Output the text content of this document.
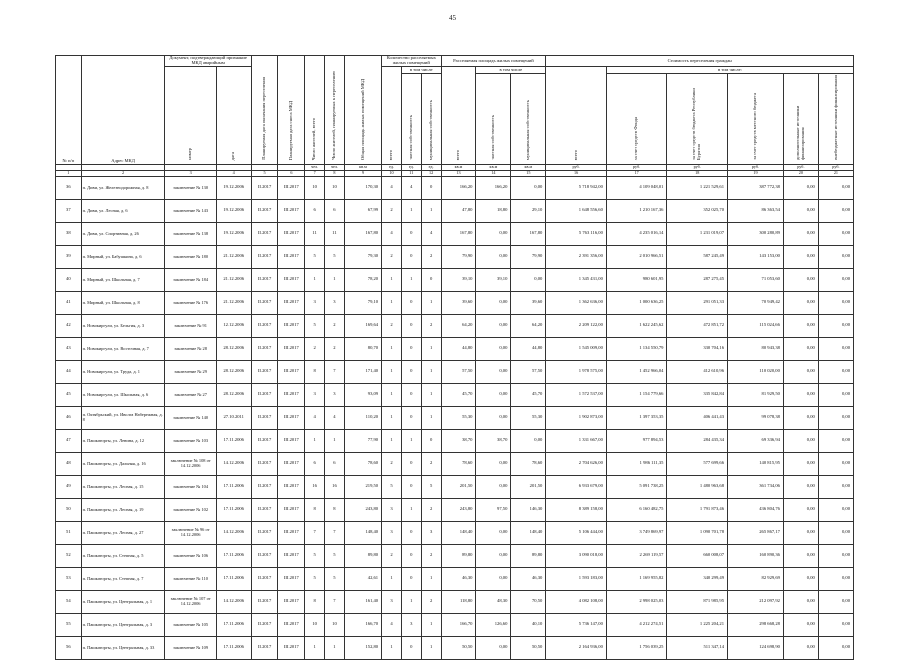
45
№ п/п	Адрес МКД	Документ, подтверждающий признание МКД аварийным		Планируемая дата окончания переселения	Планируемая дата сноса МКД	Число жителей, всего	Число жителей, планируемых к переселению	Общая площадь жилых помещений МКД	Количество расселяемых жилых помещений			Расселяемая площадь жилых помещений			Стоимость переселения граждан					
		номер	дата						всего	в том числе		всего	в том числе		всего	в том числе:				
										частная собственность	муниципальная собственность		частная собственность	муниципальная собственность		за счет средств Фонда	за счет средств бюджета Республики Бурятия	за счет средств местного бюджета	дополнительные источники финансирования	внебюджетные источники финансирования
						чел.	чел.	кв.м	ед.	ед.	ед.	кв.м	кв.м	кв.м	руб.	руб.	руб.	руб.	руб.	руб.
1	2	3	4	5	6	7	8	9	10	11	12	13	14	15	16	17	18	19	20	21
36	п. Диви, ул. Железнодорожная, д. 8	заключение № 130	19.12.2006	II.2017	III.2017	10	10	170,30	4	4	0	166,20	166,20	0,00	5 718 942,00	4 109 048,01	1 221 529,61	387 772,38	0,00	0,00
37	п. Диви, ул. Лесная, д. 6	заключение № 143	19.12.2006	II.2017	III.2017	6	6	67,99	2	1	1	47,80	18,80	29,10	1 648 556,60	1 210 167,36	352 025,70	86 363,54	0,00	0,00
38	п. Диви, ул. Спортивная, д. 26	заключение № 138	19.12.2006	II.2017	III.2017	11	11	167,80	4	0	4	167,80	0,00	167,80	5 763 116,00	4 235 016,14	1 231 019,07	300 280,89	0,00	0,00
39	п. Мирный, ул. Бабушкина, д. 6	заключение № 180	21.12.2006	II.2017	III.2017	5	5	79,30	2	0	2	79,90	0,00	79,90	2 391 356,00	2 010 966,51	587 245,49	143 153,00	0,00	0,00
40	п. Мирный, ул. Школьная, д. 7	заключение № 184	21.12.2006	II.2017	III.2017	1	1	78,20	1	1	0	39,10	39,10	0,00	1 345 431,00	980 601,95	287 275,45	71 053,60	0,00	0,00
41	п. Мирный, ул. Школьная, д. 8	заключение № 176	21.12.2006	II.2017	III.2017	3	3	79,10	1	0	1	39,60	0,00	39,60	1 362 636,00	1 000 636,25	291 051,33	70 949,42	0,00	0,00
42	п. Новокиргули, ул. Бельгия, д. 3	заключение № 91	12.12.2006	II.2017	III.2017	5	2	169,64	2	0	2	64,20	0,00	64,20	2 209 122,00	1 622 245,62	472 851,72	115 024,66	0,00	0,00
43	п. Новокиргули, ул. Восточная, д. 7	заключение № 28	28.12.2006	II.2017	III.2017	2	2	80,70	1	0	1	44,80	0,00	44,80	1 545 009,00	1 134 550,79	330 704,16	80 943,38	0,00	0,00
44	п. Новокиргули, ул. Труда, д. 1	заключение № 29	28.12.2006	II.2017	III.2017	8	7	171,40	1	0	1	57,50	0,00	57,50	1 978 575,00	1 452 966,04	412 610,96	110 020,00	0,00	0,00
45	п. Новокиргули, ул. Школьная, д. 6	заключение № 27	28.12.2006	II.2017	III.2017	3	3	93,09	1	0	1	45,70	0,00	45,70	1 572 537,00	1 154 779,66	335 842,84	81 929,50	0,00	0,00
46	п. Октябрьский, ул. Иволга Набережная, д. 8	заключение № 140	27.10.2011	II.2017	III.2017	4	4	110,20	1	0	1	55,30	0,00	55,30	1 902 873,00	1 397 353,35	406 441,43	99 078,38	0,00	0,00
47	п. Пашкаторгы, ул. Ленина, д. 12	заключение № 103	17.11.2006	II.2017	III.2017	1	1	77,90	1	1	0	38,70	38,70	0,00	1 331 667,00	977 894,53	284 435,34	69 336,94	0,00	0,00
48	п. Пашкаторгы, ул. Дальняя, д. 16	заключение № 108 от 14.12.2006	14.12.2006	II.2017	III.2017	6	6	78,60	2	0	2	78,60	0,00	78,60	2 704 626,00	1 986 111,35	577 699,66	140 815,95	0,00	0,00
49	п. Пашкаторгы, ул. Лесная, д. 15	заключение № 104	17.11.2006	II.2017	III.2017	16	16	219,50	5	0	5	201,50	0,00	201,50	6 933 679,00	5 091 738,25	1 480 963,68	361 734,06	0,00	0,00
50	п. Пашкаторгы, ул. Лесная, д. 19	заключение № 102	17.11.2006	II.2017	III.2017	8	8	243,80	3	1	2	243,80	97,50	146,30	8 389 158,00	6 160 482,75	1 791 873,46	436 804,76	0,00	0,00
51	п. Пашкаторгы, ул. Лесная, д. 27	заключение № 96 от 14.12.2006	14.12.2006	II.2017	III.2017	7	7	148,40	3	0	3	148,40	0,00	148,40	5 106 444,00	3 749 869,97	1 090 701,78	265 867,17	0,00	0,00
52	п. Пашкаторгы, ул. Степная, д. 5	заключение № 106	17.11.2006	II.2017	III.2017	5	5	89,80	2	0	2	89,80	0,00	89,80	3 090 018,00	2 269 119,57	660 008,07	160 890,36	0,00	0,00
53	п. Пашкаторгы, ул. Степная, д. 7	заключение № 110	17.11.2006	II.2017	III.2017	5	5	42,61	1	0	1	46,30	0,00	46,30	1 593 183,00	1 169 955,82	340 299,49	82 929,69	0,00	0,00
54	п. Пашкаторгы, ул. Центральная, д. 1	заключение № 107 от 14.12.2006	14.12.2006	II.2017	III.2017	8	7	161,40	3	1	2	118,80	48,30	70,50	4 082 108,00	2 998 025,03	871 985,95	212 097,92	0,00	0,00
55	п. Пашкаторгы, ул. Центральная, д. 3	заключение № 105	17.11.2006	II.2017	III.2017	10	10	166,70	4	3	1	166,70	126,60	40,10	5 736 147,00	4 212 274,51	1 225 204,21	298 668,28	0,00	0,00
56	п. Пашкаторгы, ул. Центральная, д. 33	заключение № 109	17.11.2006	II.2017	III.2017	1	1	152,80	1	0	1	50,50	0,00	50,50	2 164 936,00	1 756 039,25	511 347,14	124 698,90	0,00	0,00
